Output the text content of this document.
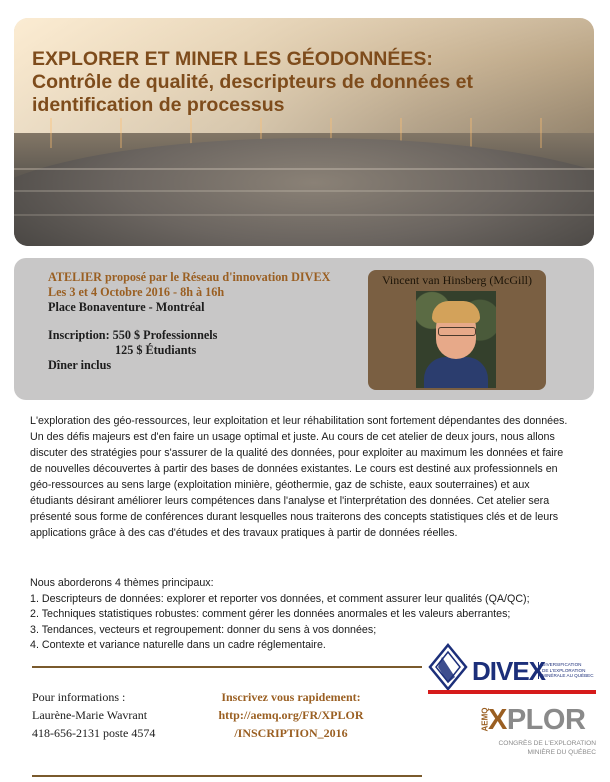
EXPLORER ET MINER LES GÉODONNÉES:
Contrôle de qualité, descripteurs de données et
identification de processus
ATELIER proposé par le Réseau d'innovation DIVEX
Les 3 et 4 Octobre 2016 - 8h à 16h
Place Bonaventure - Montréal
Inscription: 550 $ Professionnels
125 $ Étudiants
Dîner inclus
Vincent van Hinsberg (McGill)

L'exploration des géo-ressources, leur exploitation et leur réhabilitation sont fortement dépendantes des données. Un des défis majeurs est d'en faire un usage optimal et juste. Au cours de cet atelier de deux jours, nous allons discuter des stratégies pour s'assurer de la qualité des données, pour exploiter au maximum les données et faire de nouvelles découvertes à partir des bases de données existantes. Le cours est destiné aux professionnels en géo-ressources au sens large (exploitation minière, géothermie, gaz de schiste, eaux souterraines) et aux étudiants désirant améliorer leurs compétences dans l'analyse et l'interprétation des données. Cet atelier sera présenté sous forme de conférences durant lesquelles nous traiterons des concepts statistiques clés et de leurs applications grâce à des cas d'études et des travaux pratiques à partir de données réelles.

Nous aborderons 4 thèmes principaux:
1. Descripteurs de données: explorer et reporter vos données, et comment assurer leur qualités (QA/QC);
2. Techniques statistiques robustes: comment gérer les données anormales et les valeurs aberrantes;
3. Tendances, vecteurs et regroupement: donner du sens à vos données;
4. Contexte et variance naturelle dans un cadre réglementaire.
Pour informations :
Laurène-Marie Wavrant
418-656-2131 poste 4574
Inscrivez vous rapidement:
http://aemq.org/FR/XPLOR
/INSCRIPTION_2016
DIVEX
DIVERSIFICATION
DE L'EXPLORATION
MINÉRALE AU QUÉBEC
AEMQ
XPLOR
CONGRÈS DE L'EXPLORATION
MINIÈRE DU QUÉBEC
